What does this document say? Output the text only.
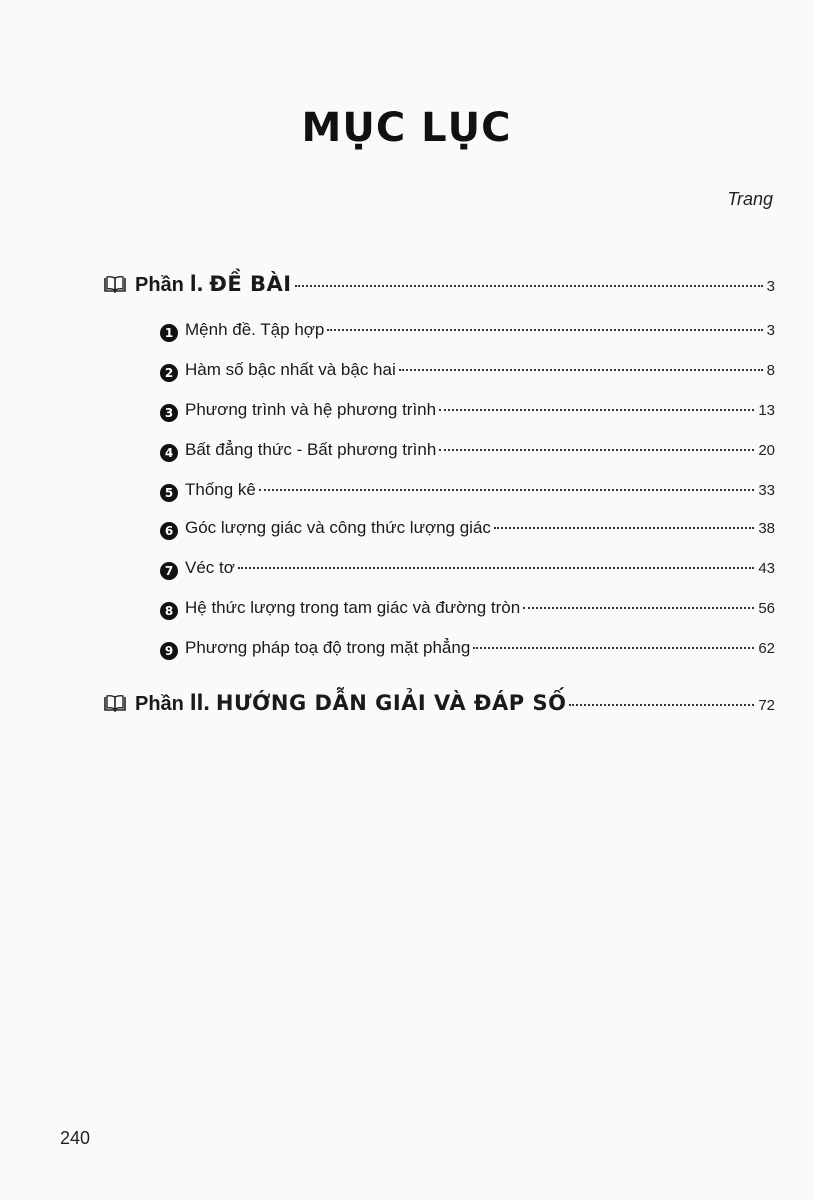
MỤC LỤC
Trang
Phần I. ĐỀ BÀI	3
1 Mệnh đề. Tập hợp	3
2 Hàm số bậc nhất và bậc hai	8
3 Phương trình và hệ phương trình	13
4 Bất đẳng thức - Bất phương trình	20
5 Thống kê	33
6 Góc lượng giác và công thức lượng giác	38
7 Véc tơ	43
8 Hệ thức lượng trong tam giác và đường tròn	56
9 Phương pháp toạ độ trong mặt phẳng	62
Phần II. HƯỚNG DẪN GIẢI VÀ ĐÁP SỐ	72
240
